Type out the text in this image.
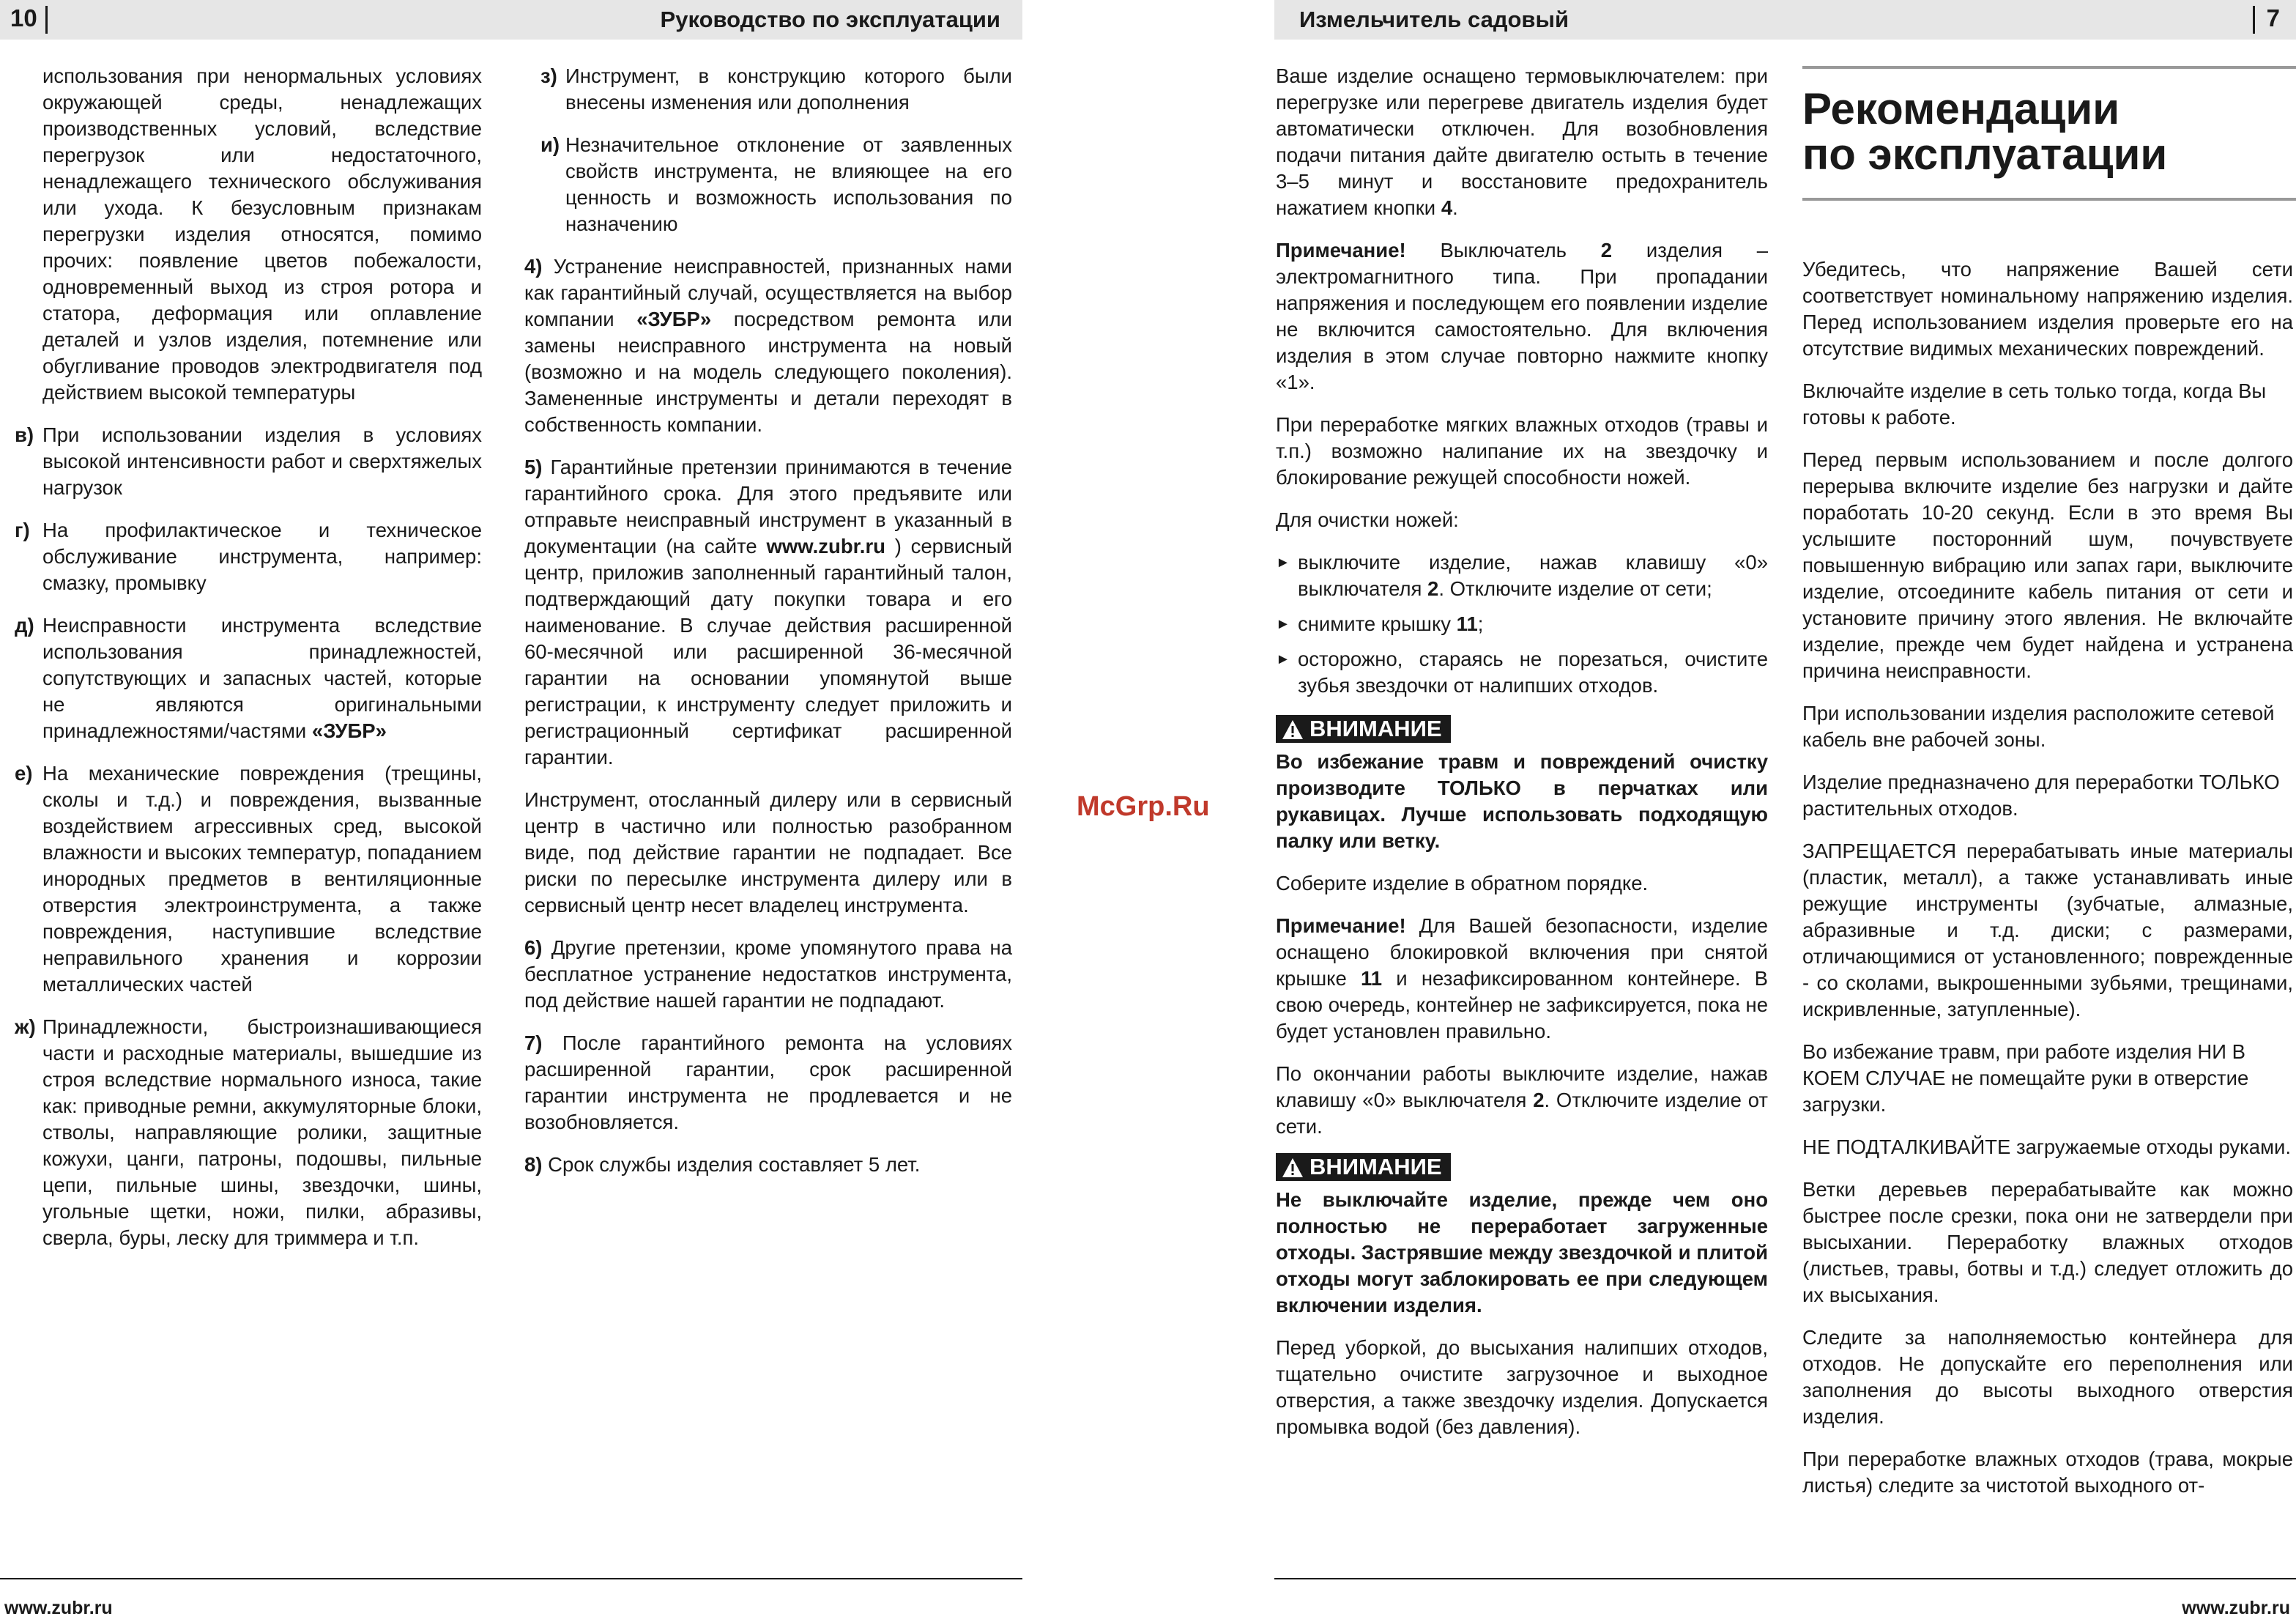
10	Руководство по эксплуатации	Измельчитель садовый	7

использования при ненормальных условиях окружающей среды, ненадлежащих производственных условий, вследствие перегрузок или недостаточного, ненадлежащего технического обслуживания или ухода. К безусловным признакам перегрузки изделия относятся, помимо прочих: появление цветов побежалости, одновременный выход из строя ротора и статора, деформация или оплавление деталей и узлов изделия, потемнение или обугливание проводов электродвигателя под действием высокой температуры

в) При использовании изделия в условиях высокой интенсивности работ и сверхтяжелых нагрузок
г) На профилактическое и техническое обслуживание инструмента, например: смазку, промывку
д) Неисправности инструмента вследствие использования принадлежностей, сопутствующих и запасных частей, которые не являются оригинальными принадлежностями/частями «ЗУБР»
е) На механические повреждения (трещины, сколы и т.д.) и повреждения, вызванные воздействием агрессивных сред, высокой влажности и высоких температур, попаданием инородных предметов в вентиляционные отверстия электроинструмента, а также повреждения, наступившие вследствие неправильного хранения и коррозии металлических частей
ж) Принадлежности, быстроизнашивающиеся части и расходные материалы, вышедшие из строя вследствие нормального износа, такие как: приводные ремни, аккумуляторные блоки, стволы, направляющие ролики, защитные кожухи, цанги, патроны, подошвы, пильные цепи, пильные шины, звездочки, шины, угольные щетки, ножи, пилки, абразивы, сверла, буры, леску для триммера и т.п.
з) Инструмент, в конструкцию которого были внесены изменения или дополнения
и) Незначительное отклонение от заявленных свойств инструмента, не влияющее на его ценность и возможность использования по назначению

4) Устранение неисправностей, признанных нами как гарантийный случай, осуществляется на выбор компании «ЗУБР» посредством ремонта или замены неисправного инструмента на новый (возможно и на модель следующего поколения). Замененные инструменты и детали переходят в собственность компании.

5) Гарантийные претензии принимаются в течение гарантийного срока. Для этого предъявите или отправьте неисправный инструмент в указанный в документации (на сайте www.zubr.ru ) сервисный центр, приложив заполненный гарантийный талон, подтверждающий дату покупки товара и его наименование. В случае действия расширенной 60-месячной или расширенной 36-месячной гарантии на основании упомянутой выше регистрации, к инструменту следует приложить и регистрационный сертификат расширенной гарантии.

Инструмент, отосланный дилеру или в сервисный центр в частично или полностью разобранном виде, под действие гарантии не подпадает. Все риски по пересылке инструмента дилеру или в сервисный центр несет владелец инструмента.

6) Другие претензии, кроме упомянутого права на бесплатное устранение недостатков инструмента, под действие нашей гарантии не подпадают.

7) После гарантийного ремонта на условиях расширенной гарантии, срок расширенной гарантии инструмента не продлевается и не возобновляется.

8) Срок службы изделия составляет 5 лет.

McGrp.Ru

Ваше изделие оснащено термовыключателем: при перегрузке или перегреве двигатель изделия будет автоматически отключен. Для возобновления подачи питания дайте двигателю остыть в течение 3–5 минут и восстановите предохранитель нажатием кнопки 4.

Примечание! Выключатель 2 изделия – электромагнитного типа. При пропадании напряжения и последующем его появлении изделие не включится самостоятельно. Для включения изделия в этом случае повторно нажмите кнопку «1».

При переработке мягких влажных отходов (травы и т.п.) возможно налипание их на звездочку и блокирование режущей способности ножей.

Для очистки ножей:

► выключите изделие, нажав клавишу «0» выключателя 2. Отключите изделие от сети;
► снимите крышку 11;
► осторожно, стараясь не порезаться, очистите зубья звездочки от налипших отходов.
ВНИМАНИЕ

Во избежание травм и повреждений очистку производите ТОЛЬКО в перчатках или рукавицах. Лучше использовать подходящую палку или ветку.

Соберите изделие в обратном порядке.

Примечание! Для Вашей безопасности, изделие оснащено блокировкой включения при снятой крышке 11 и незафиксированном контейнере. В свою очередь, контейнер не зафиксируется, пока не будет установлен правильно.

По окончании работы выключите изделие, нажав клавишу «0» выключателя 2. Отключите изделие от сети.

ВНИМАНИЕ

Не выключайте изделие, прежде чем оно полностью не переработает загруженные отходы. Застрявшие между звездочкой и плитой отходы могут заблокировать ее при следующем включении изделия.

Перед уборкой, до высыхания налипших отходов, тщательно очистите загрузочное и выходное отверстия, а также звездочку изделия. Допускается промывка водой (без давления).

Рекомендации
по эксплуатации

Убедитесь, что напряжение Вашей сети соответствует номинальному напряжению изделия. Перед использованием изделия проверьте его на отсутствие видимых механических повреждений.

Включайте изделие в сеть только тогда, когда Вы готовы к работе.

Перед первым использованием и после долгого перерыва включите изделие без нагрузки и дайте поработать 10-20 секунд. Если в это время Вы услышите посторонний шум, почувствуете повышенную вибрацию или запах гари, выключите изделие, отсоедините кабель питания от сети и установите причину этого явления. Не включайте изделие, прежде чем будет найдена и устранена причина неисправности.

При использовании изделия расположите сетевой кабель вне рабочей зоны.

Изделие предназначено для переработки ТОЛЬКО растительных отходов.

ЗАПРЕЩАЕТСЯ перерабатывать иные материалы (пластик, металл), а также устанавливать иные режущие инструменты (зубчатые, алмазные, абразивные и т.д. диски; с размерами, отличающимися от установленного; поврежденные - со сколами, выкрошенными зубьями, трещинами, искривленные, затупленные).

Во избежание травм, при работе изделия НИ В КОЕМ СЛУЧАЕ не помещайте руки в отверстие загрузки.

НЕ ПОДТАЛКИВАЙТЕ загружаемые отходы руками.

Ветки деревьев перерабатывайте как можно быстрее после срезки, пока они не затвердели при высыхании. Переработку влажных отходов (листьев, травы, ботвы и т.д.) следует отложить до их высыхания.

Следите за наполняемостью контейнера для отходов. Не допускайте его переполнения или заполнения до высоты выходного отверстия изделия.

При переработке влажных отходов (трава, мокрые листья) следите за чистотой выходного от-

www.zubr.ru	www.zubr.ru
